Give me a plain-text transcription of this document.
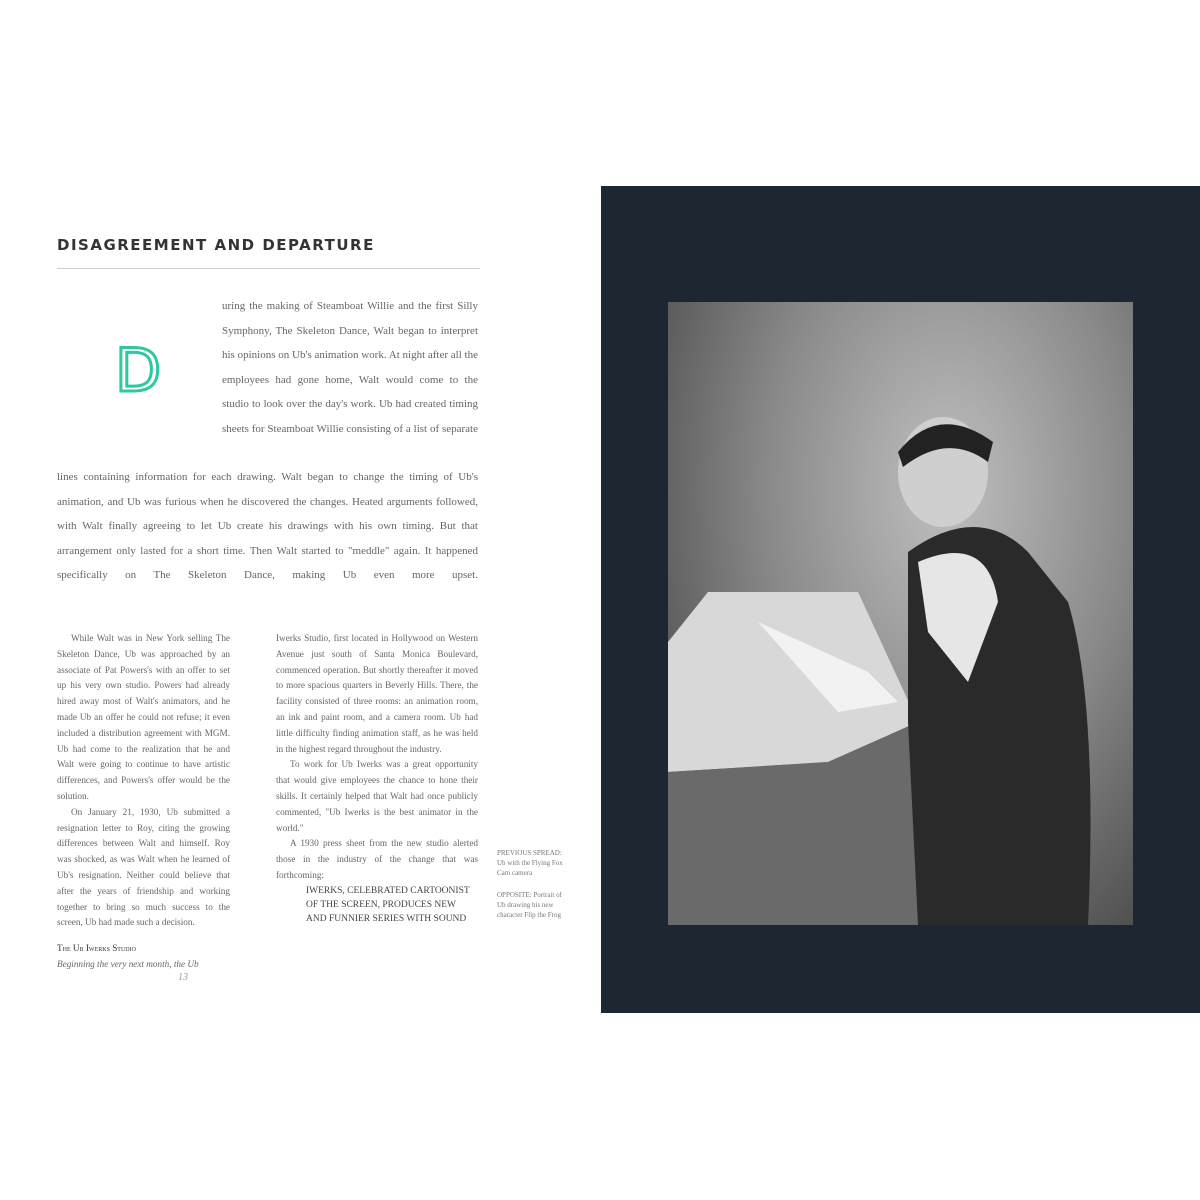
DISAGREEMENT AND DEPARTURE
D
uring the making of Steamboat Willie and the first Silly Symphony, The Skeleton Dance, Walt began to interpret his opinions on Ub's animation work. At night after all the employees had gone home, Walt would come to the studio to look over the day's work. Ub had created timing sheets for Steamboat Willie consisting of a list of separate
lines containing information for each drawing. Walt began to change the timing of Ub's animation, and Ub was furious when he discovered the changes. Heated arguments followed, with Walt finally agreeing to let Ub create his drawings with his own timing. But that arrangement only lasted for a short time. Then Walt started to "meddle" again. It happened specifically on The Skeleton Dance, making Ub even more upset.

While Walt was in New York selling The Skeleton Dance, Ub was approached by an associate of Pat Powers's with an offer to set up his very own studio. Powers had already hired away most of Walt's animators, and he made Ub an offer he could not refuse; it even included a distribution agreement with MGM. Ub had come to the realization that he and Walt were going to continue to have artistic differences, and Powers's offer would be the solution.

On January 21, 1930, Ub submitted a resignation letter to Roy, citing the growing differences between Walt and himself. Roy was shocked, as was Walt when he learned of Ub's resignation. Neither could believe that after the years of friendship and working together to bring so much success to the screen, Ub had made such a decision.

The Ub Iwerks Studio

Beginning the very next month, the Ub

Iwerks Studio, first located in Hollywood on Western Avenue just south of Santa Monica Boulevard, commenced operation. But shortly thereafter it moved to more spacious quarters in Beverly Hills. There, the facility consisted of three rooms: an animation room, an ink and paint room, and a camera room. Ub had little difficulty finding animation staff, as he was held in the highest regard throughout the industry.

To work for Ub Iwerks was a great opportunity that would give employees the chance to hone their skills. It certainly helped that Walt had once publicly commented, "Ub Iwerks is the best animator in the world."

A 1930 press sheet from the new studio alerted those in the industry of the change that was forthcoming:

IWERKS, CELEBRATED CARTOONIST OF THE SCREEN, PRODUCES NEW AND FUNNIER SERIES WITH SOUND

PREVIOUS SPREAD: Ub with the Flying Fox Cam camera
OPPOSITE: Portrait of Ub drawing his new character Flip the Frog
13
